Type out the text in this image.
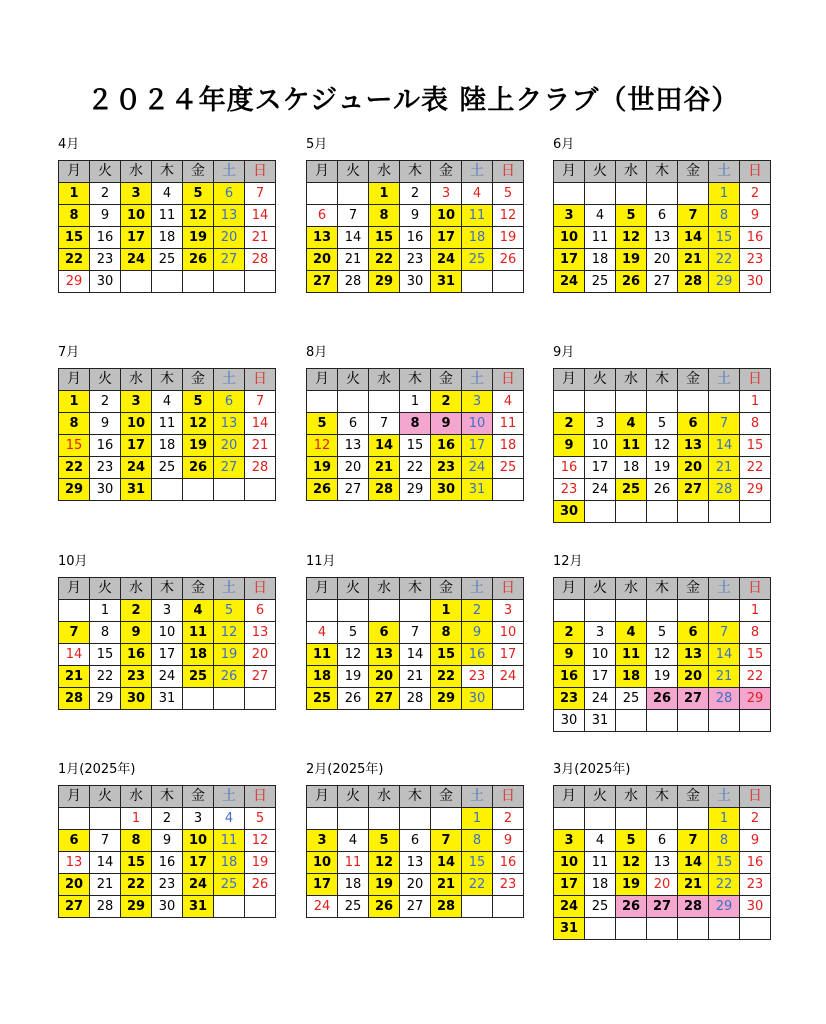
２０２４年度スケジュール表 陸上クラブ（世田谷）
4月
月	火	水	木	金	土	日
1	2	3	4	5	6	7
8	9	10	11	12	13	14
15	16	17	18	19	20	21
22	23	24	25	26	27	28
29	30					
5月
月	火	水	木	金	土	日
		1	2	3	4	5
6	7	8	9	10	11	12
13	14	15	16	17	18	19
20	21	22	23	24	25	26
27	28	29	30	31		
6月
月	火	水	木	金	土	日
					1	2
3	4	5	6	7	8	9
10	11	12	13	14	15	16
17	18	19	20	21	22	23
24	25	26	27	28	29	30
7月
月	火	水	木	金	土	日
1	2	3	4	5	6	7
8	9	10	11	12	13	14
15	16	17	18	19	20	21
22	23	24	25	26	27	28
29	30	31				
8月
月	火	水	木	金	土	日
			1	2	3	4
5	6	7	8	9	10	11
12	13	14	15	16	17	18
19	20	21	22	23	24	25
26	27	28	29	30	31	
9月
月	火	水	木	金	土	日
						1
2	3	4	5	6	7	8
9	10	11	12	13	14	15
16	17	18	19	20	21	22
23	24	25	26	27	28	29
30						
10月
月	火	水	木	金	土	日
	1	2	3	4	5	6
7	8	9	10	11	12	13
14	15	16	17	18	19	20
21	22	23	24	25	26	27
28	29	30	31			
11月
月	火	水	木	金	土	日
				1	2	3
4	5	6	7	8	9	10
11	12	13	14	15	16	17
18	19	20	21	22	23	24
25	26	27	28	29	30	
12月
月	火	水	木	金	土	日
						1
2	3	4	5	6	7	8
9	10	11	12	13	14	15
16	17	18	19	20	21	22
23	24	25	26	27	28	29
30	31					
1月(2025年)
月	火	水	木	金	土	日
		1	2	3	4	5
6	7	8	9	10	11	12
13	14	15	16	17	18	19
20	21	22	23	24	25	26
27	28	29	30	31		
2月(2025年)
月	火	水	木	金	土	日
					1	2
3	4	5	6	7	8	9
10	11	12	13	14	15	16
17	18	19	20	21	22	23
24	25	26	27	28		
3月(2025年)
月	火	水	木	金	土	日
					1	2
3	4	5	6	7	8	9
10	11	12	13	14	15	16
17	18	19	20	21	22	23
24	25	26	27	28	29	30
31						
